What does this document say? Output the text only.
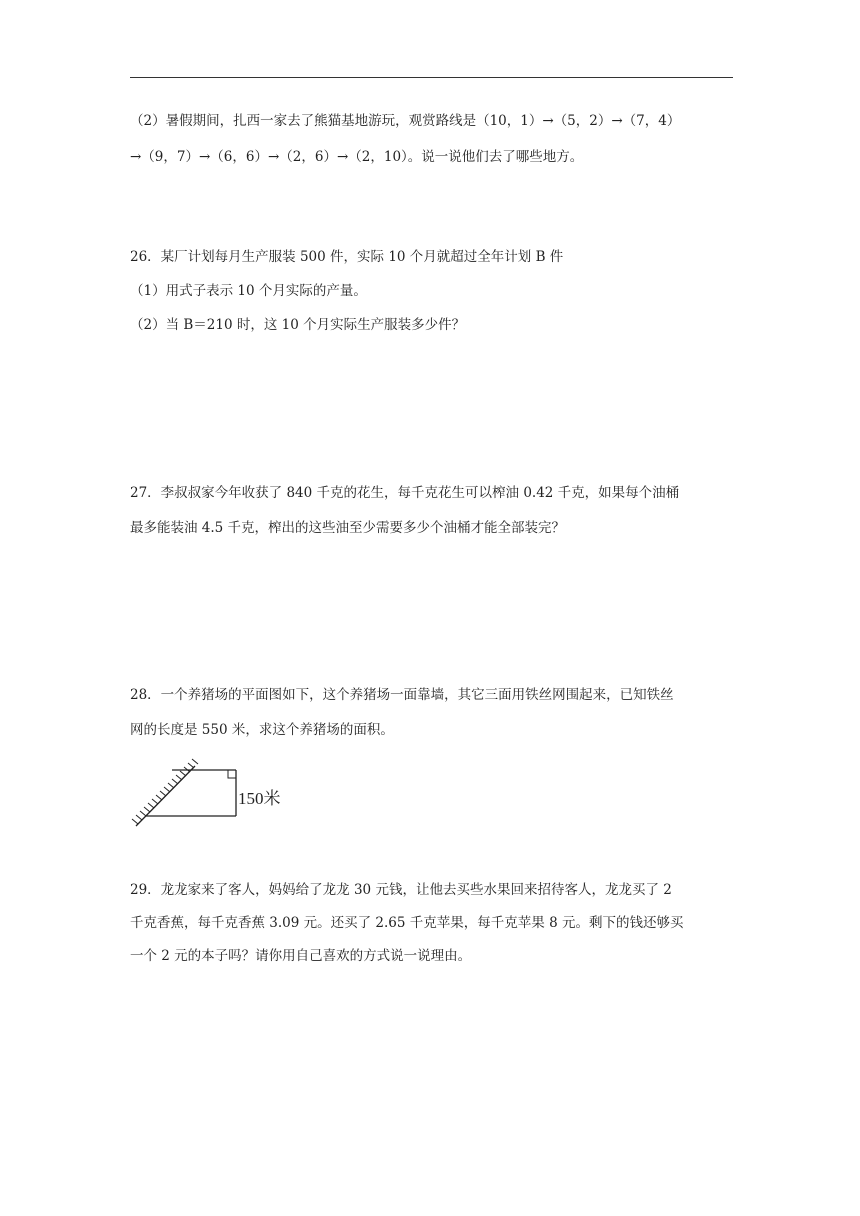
（2）暑假期间，扎西一家去了熊猫基地游玩，观赏路线是（10，1）→（5，2）→（7，4）
→（9，7）→（6，6）→（2，6）→（2，10）。说一说他们去了哪些地方。
26．某厂计划每月生产服装 500 件，实际 10 个月就超过全年计划 B 件
（1）用式子表示 10 个月实际的产量。
（2）当 B＝210 时，这 10 个月实际生产服装多少件？
27．李叔叔家今年收获了 840 千克的花生，每千克花生可以榨油 0.42 千克，如果每个油桶
最多能装油 4.5 千克，榨出的这些油至少需要多少个油桶才能全部装完？
28．一个养猪场的平面图如下，这个养猪场一面靠墙，其它三面用铁丝网围起来，已知铁丝
网的长度是 550 米，求这个养猪场的面积。
150米
29．龙龙家来了客人，妈妈给了龙龙 30 元钱，让他去买些水果回来招待客人，龙龙买了 2
千克香蕉，每千克香蕉 3.09 元。还买了 2.65 千克苹果，每千克苹果 8 元。剩下的钱还够买
一个 2 元的本子吗？请你用自己喜欢的方式说一说理由。
